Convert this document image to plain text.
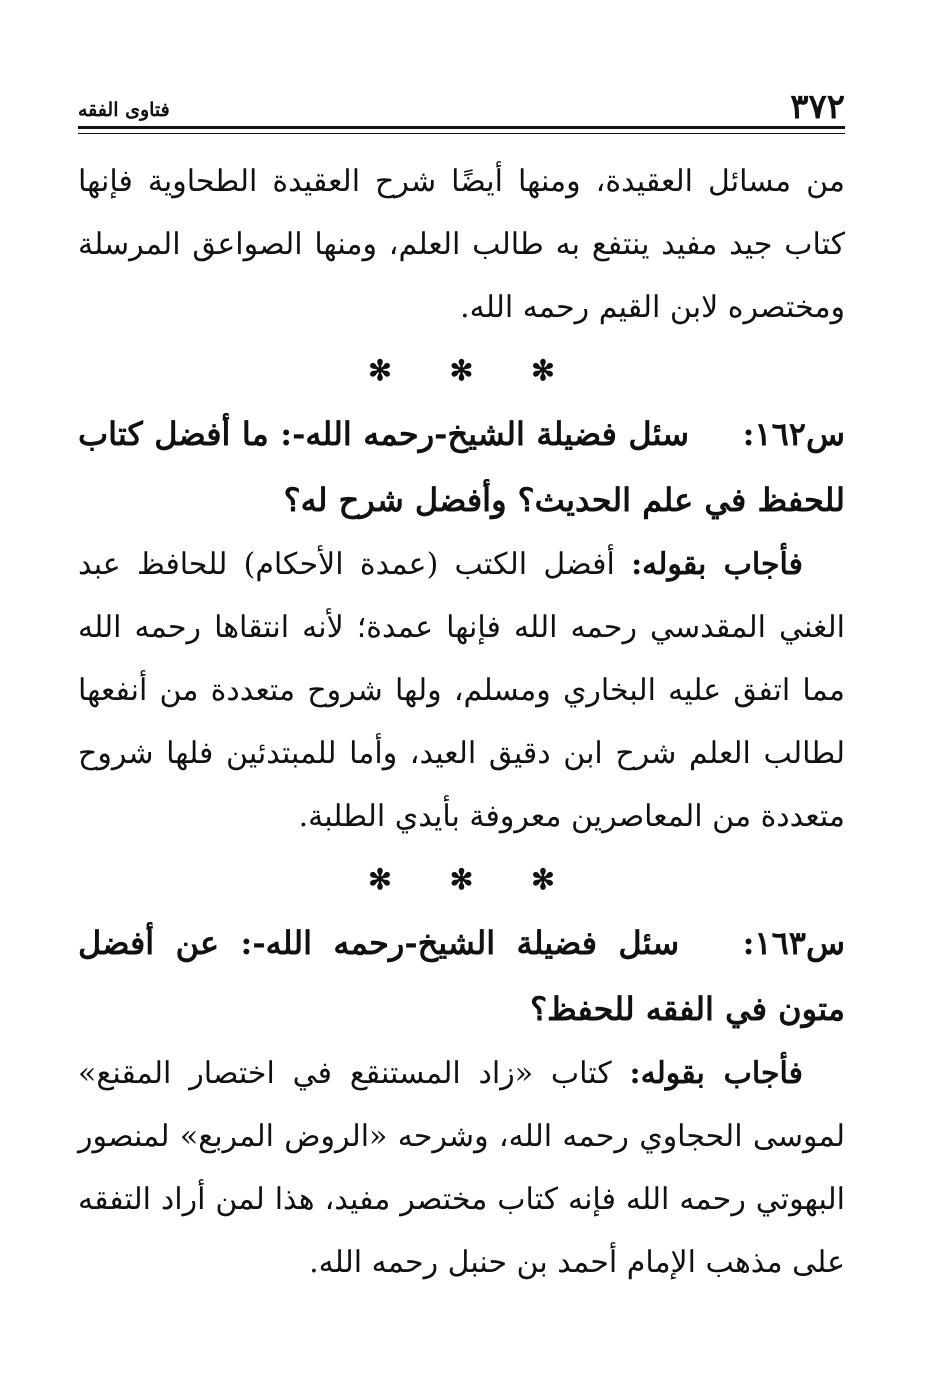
٣٧٢
فتاوى الفقه

من مسائل العقيدة، ومنها أيضًا شرح العقيدة الطحاوية فإنها كتاب جيد مفيد ينتفع به طالب العلم، ومنها الصواعق المرسلة ومختصره لابن القيم رحمه الله.

✻ ✻ ✻

س١٦٢: سئل فضيلة الشيخ-رحمه الله-: ما أفضل كتاب للحفظ في علم الحديث؟ وأفضل شرح له؟

فأجاب بقوله: أفضل الكتب (عمدة الأحكام) للحافظ عبد الغني المقدسي رحمه الله فإنها عمدة؛ لأنه انتقاها رحمه الله مما اتفق عليه البخاري ومسلم، ولها شروح متعددة من أنفعها لطالب العلم شرح ابن دقيق العيد، وأما للمبتدئين فلها شروح متعددة من المعاصرين معروفة بأيدي الطلبة.

✻ ✻ ✻

س١٦٣: سئل فضيلة الشيخ-رحمه الله-: عن أفضل متون في الفقه للحفظ؟

فأجاب بقوله: كتاب «زاد المستنقع في اختصار المقنع» لموسى الحجاوي رحمه الله، وشرحه «الروض المربع» لمنصور البهوتي رحمه الله فإنه كتاب مختصر مفيد، هذا لمن أراد التفقه على مذهب الإمام أحمد بن حنبل رحمه الله.
